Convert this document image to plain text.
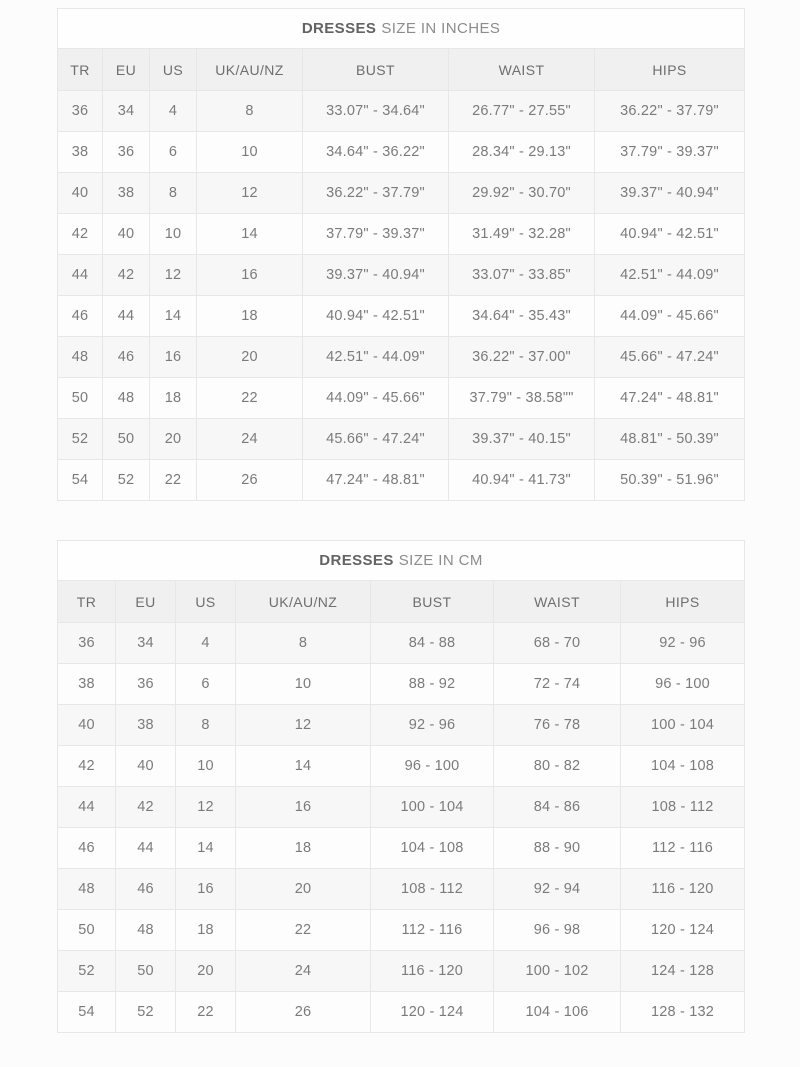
DRESSES SIZE IN INCHES						
TR	EU	US	UK/AU/NZ	BUST	WAIST	HIPS
36	34	4	8	33.07" - 34.64"	26.77" - 27.55"	36.22" - 37.79"
38	36	6	10	34.64" - 36.22"	28.34" - 29.13"	37.79" - 39.37"
40	38	8	12	36.22" - 37.79"	29.92" - 30.70"	39.37" - 40.94"
42	40	10	14	37.79" - 39.37"	31.49" - 32.28"	40.94" - 42.51"
44	42	12	16	39.37" - 40.94"	33.07" - 33.85"	42.51" - 44.09"
46	44	14	18	40.94" - 42.51"	34.64" - 35.43"	44.09" - 45.66"
48	46	16	20	42.51" - 44.09"	36.22" - 37.00"	45.66" - 47.24"
50	48	18	22	44.09" - 45.66"	37.79" - 38.58""	47.24" - 48.81"
52	50	20	24	45.66" - 47.24"	39.37" - 40.15"	48.81" - 50.39"
54	52	22	26	47.24" - 48.81"	40.94" - 41.73"	50.39" - 51.96"
DRESSES SIZE IN CM						
TR	EU	US	UK/AU/NZ	BUST	WAIST	HIPS
36	34	4	8	84 - 88	68 - 70	92 - 96
38	36	6	10	88 - 92	72 - 74	96 - 100
40	38	8	12	92 - 96	76 - 78	100 - 104
42	40	10	14	96 - 100	80 - 82	104 - 108
44	42	12	16	100 - 104	84 - 86	108 - 112
46	44	14	18	104 - 108	88 - 90	112 - 116
48	46	16	20	108 - 112	92 - 94	116 - 120
50	48	18	22	112 - 116	96 - 98	120 - 124
52	50	20	24	116 - 120	100 - 102	124 - 128
54	52	22	26	120 - 124	104 - 106	128 - 132
